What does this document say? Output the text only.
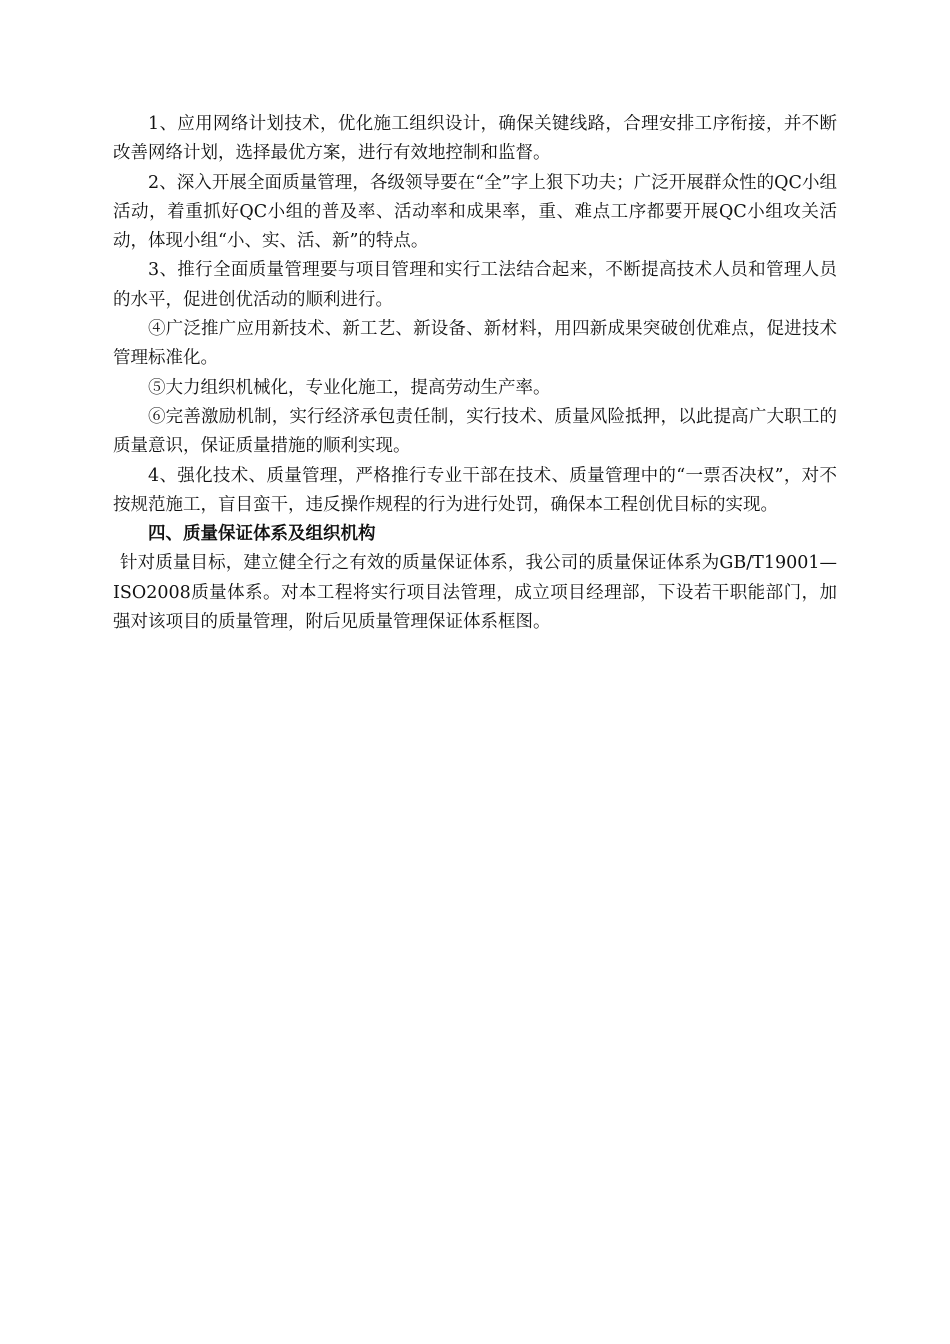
1、应用网络计划技术，优化施工组织设计，确保关键线路，合理安排工序衔接，并不断改善网络计划，选择最优方案，进行有效地控制和监督。

2、深入开展全面质量管理，各级领导要在“全”字上狠下功夫；广泛开展群众性的QC小组活动，着重抓好QC小组的普及率、活动率和成果率，重、难点工序都要开展QC小组攻关活动，体现小组“小、实、活、新”的特点。

3、推行全面质量管理要与项目管理和实行工法结合起来，不断提高技术人员和管理人员的水平，促进创优活动的顺利进行。

④广泛推广应用新技术、新工艺、新设备、新材料，用四新成果突破创优难点，促进技术管理标准化。

⑤大力组织机械化，专业化施工，提高劳动生产率。

⑥完善激励机制，实行经济承包责任制，实行技术、质量风险抵押，以此提高广大职工的质量意识，保证质量措施的顺利实现。

4、强化技术、质量管理，严格推行专业干部在技术、质量管理中的“一票否决权”，对不按规范施工，盲目蛮干，违反操作规程的行为进行处罚，确保本工程创优目标的实现。

四、质量保证体系及组织机构

针对质量目标，建立健全行之有效的质量保证体系，我公司的质量保证体系为GB/T19001—ISO2008质量体系。对本工程将实行项目法管理，成立项目经理部，下设若干职能部门，加强对该项目的质量管理，附后见质量管理保证体系框图。
